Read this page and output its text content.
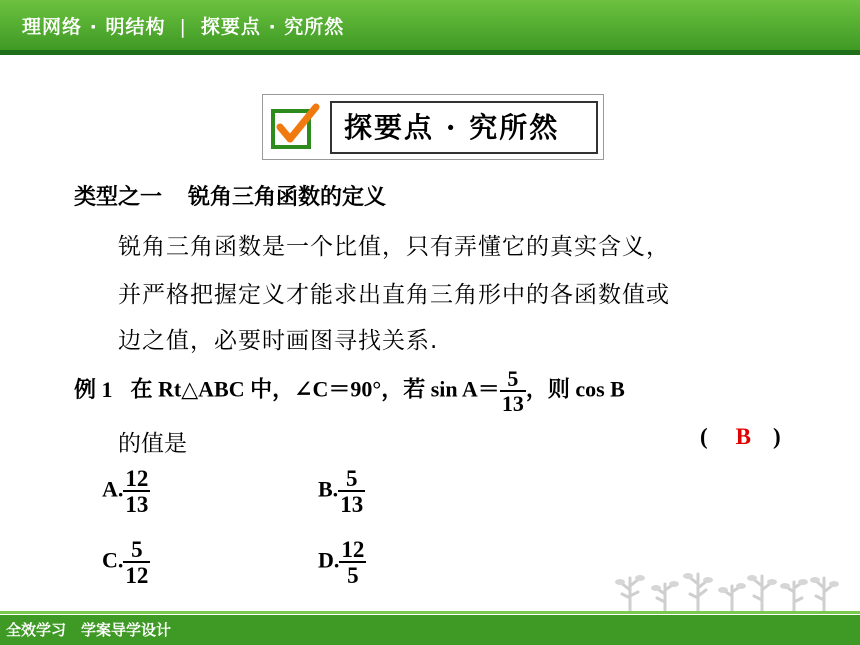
理网络 · 明结构 | 探要点 · 究所然
探要点 · 究所然
类型之一 锐角三角函数的定义
锐角三角函数是一个比值，只有弄懂它的真实含义，
并严格把握定义才能求出直角三角形中的各函数值或
边之值，必要时画图寻找关系.
例 1 在 Rt△ABC 中，∠C＝90°，若 $\sin A= \frac{5}{13}$ ，则 cos B
的值是	( B )
A. $\frac{12}{13}$	B. $\frac{5}{13}$
C. $\frac{5}{12}$	D. $\frac{12}{5}$
全效学习　学案导学设计
